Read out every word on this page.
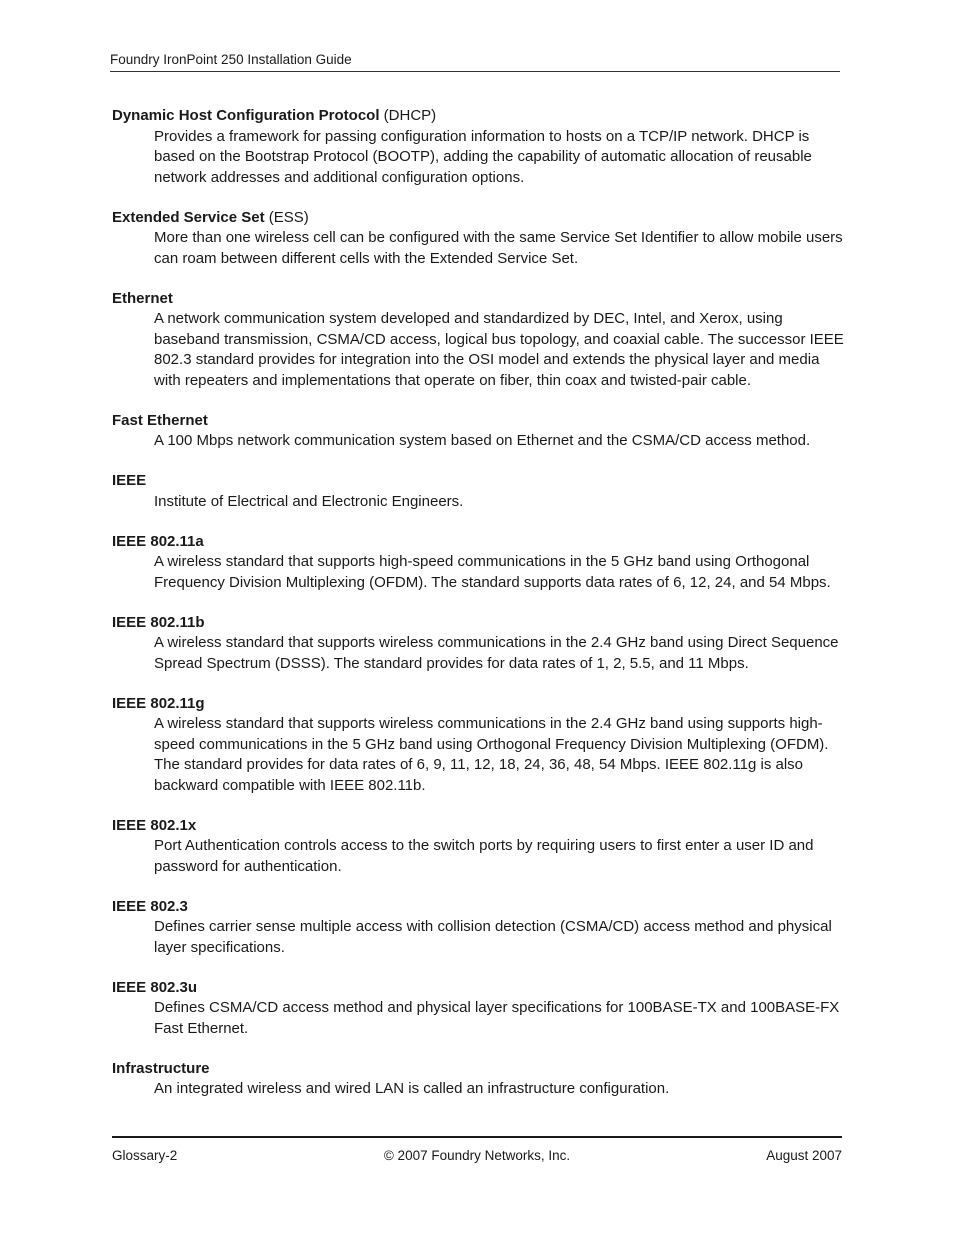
Foundry IronPoint 250 Installation Guide
Dynamic Host Configuration Protocol (DHCP)
Provides a framework for passing configuration information to hosts on a TCP/IP network. DHCP is based on the Bootstrap Protocol (BOOTP), adding the capability of automatic allocation of reusable network addresses and additional configuration options.
Extended Service Set (ESS)
More than one wireless cell can be configured with the same Service Set Identifier to allow mobile users can roam between different cells with the Extended Service Set.
Ethernet
A network communication system developed and standardized by DEC, Intel, and Xerox, using baseband transmission, CSMA/CD access, logical bus topology, and coaxial cable. The successor IEEE 802.3 standard provides for integration into the OSI model and extends the physical layer and media with repeaters and implementations that operate on fiber, thin coax and twisted-pair cable.
Fast Ethernet
A 100 Mbps network communication system based on Ethernet and the CSMA/CD access method.
IEEE
Institute of Electrical and Electronic Engineers.
IEEE 802.11a
A wireless standard that supports high-speed communications in the 5 GHz band using Orthogonal Frequency Division Multiplexing (OFDM). The standard supports data rates of 6, 12, 24, and 54 Mbps.
IEEE 802.11b
A wireless standard that supports wireless communications in the 2.4 GHz band using Direct Sequence Spread Spectrum (DSSS). The standard provides for data rates of 1, 2, 5.5, and 11 Mbps.
IEEE 802.11g
A wireless standard that supports wireless communications in the 2.4 GHz band using supports high-speed communications in the 5 GHz band using Orthogonal Frequency Division Multiplexing (OFDM). The standard provides for data rates of 6, 9, 11, 12, 18, 24, 36, 48, 54 Mbps. IEEE 802.11g is also backward compatible with IEEE 802.11b.
IEEE 802.1x
Port Authentication controls access to the switch ports by requiring users to first enter a user ID and password for authentication.
IEEE 802.3
Defines carrier sense multiple access with collision detection (CSMA/CD) access method and physical layer specifications.
IEEE 802.3u
Defines CSMA/CD access method and physical layer specifications for 100BASE-TX and 100BASE-FX Fast Ethernet.
Infrastructure
An integrated wireless and wired LAN is called an infrastructure configuration.
Glossary-2	© 2007 Foundry Networks, Inc.	August 2007
